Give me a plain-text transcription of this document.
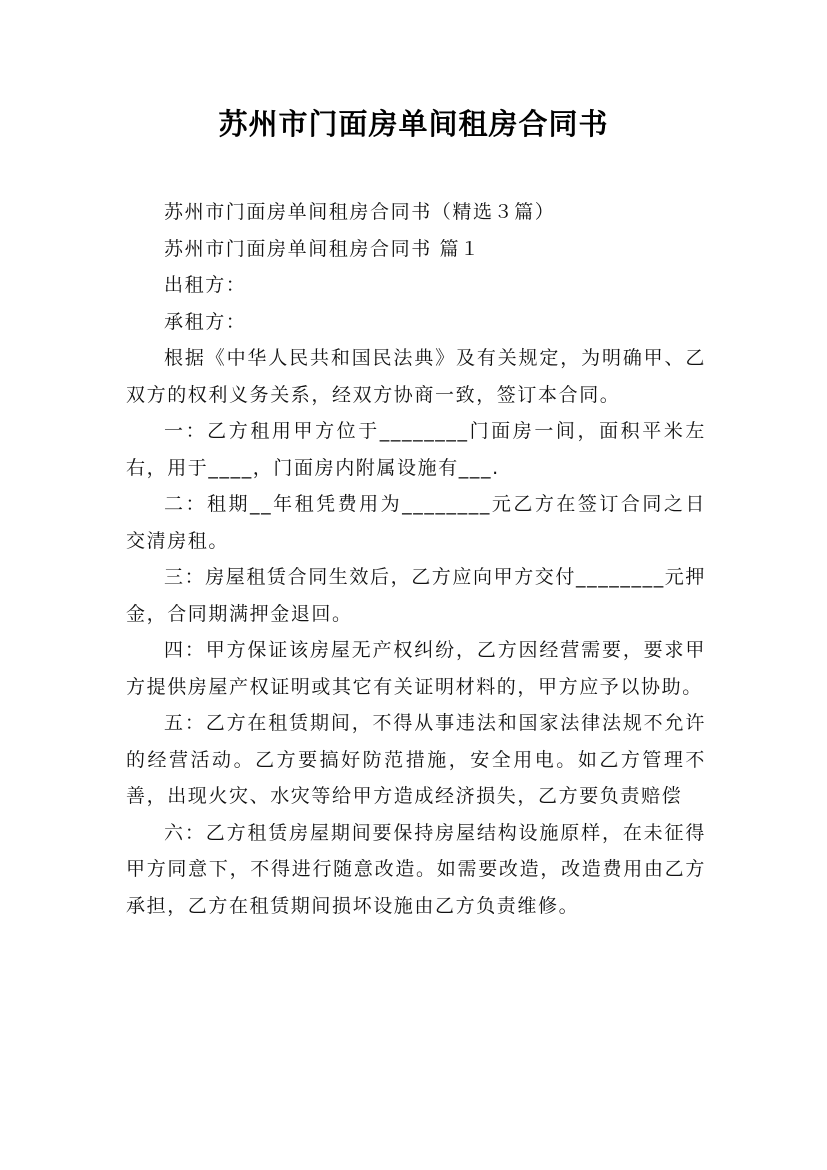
苏州市门面房单间租房合同书

苏州市门面房单间租房合同书（精选３篇）

苏州市门面房单间租房合同书 篇１

出租方：

承租方：

根据《中华人民共和国民法典》及有关规定，为明确甲、乙双方的权利义务关系，经双方协商一致，签订本合同。

一：乙方租用甲方位于________门面房一间，面积平米左右，用于____，门面房内附属设施有___.

二：租期__年租凭费用为________元乙方在签订合同之日交清房租。

三：房屋租赁合同生效后，乙方应向甲方交付________元押金，合同期满押金退回。

四：甲方保证该房屋无产权纠纷，乙方因经营需要，要求甲方提供房屋产权证明或其它有关证明材料的，甲方应予以协助。

五：乙方在租赁期间，不得从事违法和国家法律法规不允许的经营活动。乙方要搞好防范措施，安全用电。如乙方管理不善，出现火灾、水灾等给甲方造成经济损失，乙方要负责赔偿

六：乙方租赁房屋期间要保持房屋结构设施原样，在未征得甲方同意下，不得进行随意改造。如需要改造，改造费用由乙方承担，乙方在租赁期间损坏设施由乙方负责维修。
